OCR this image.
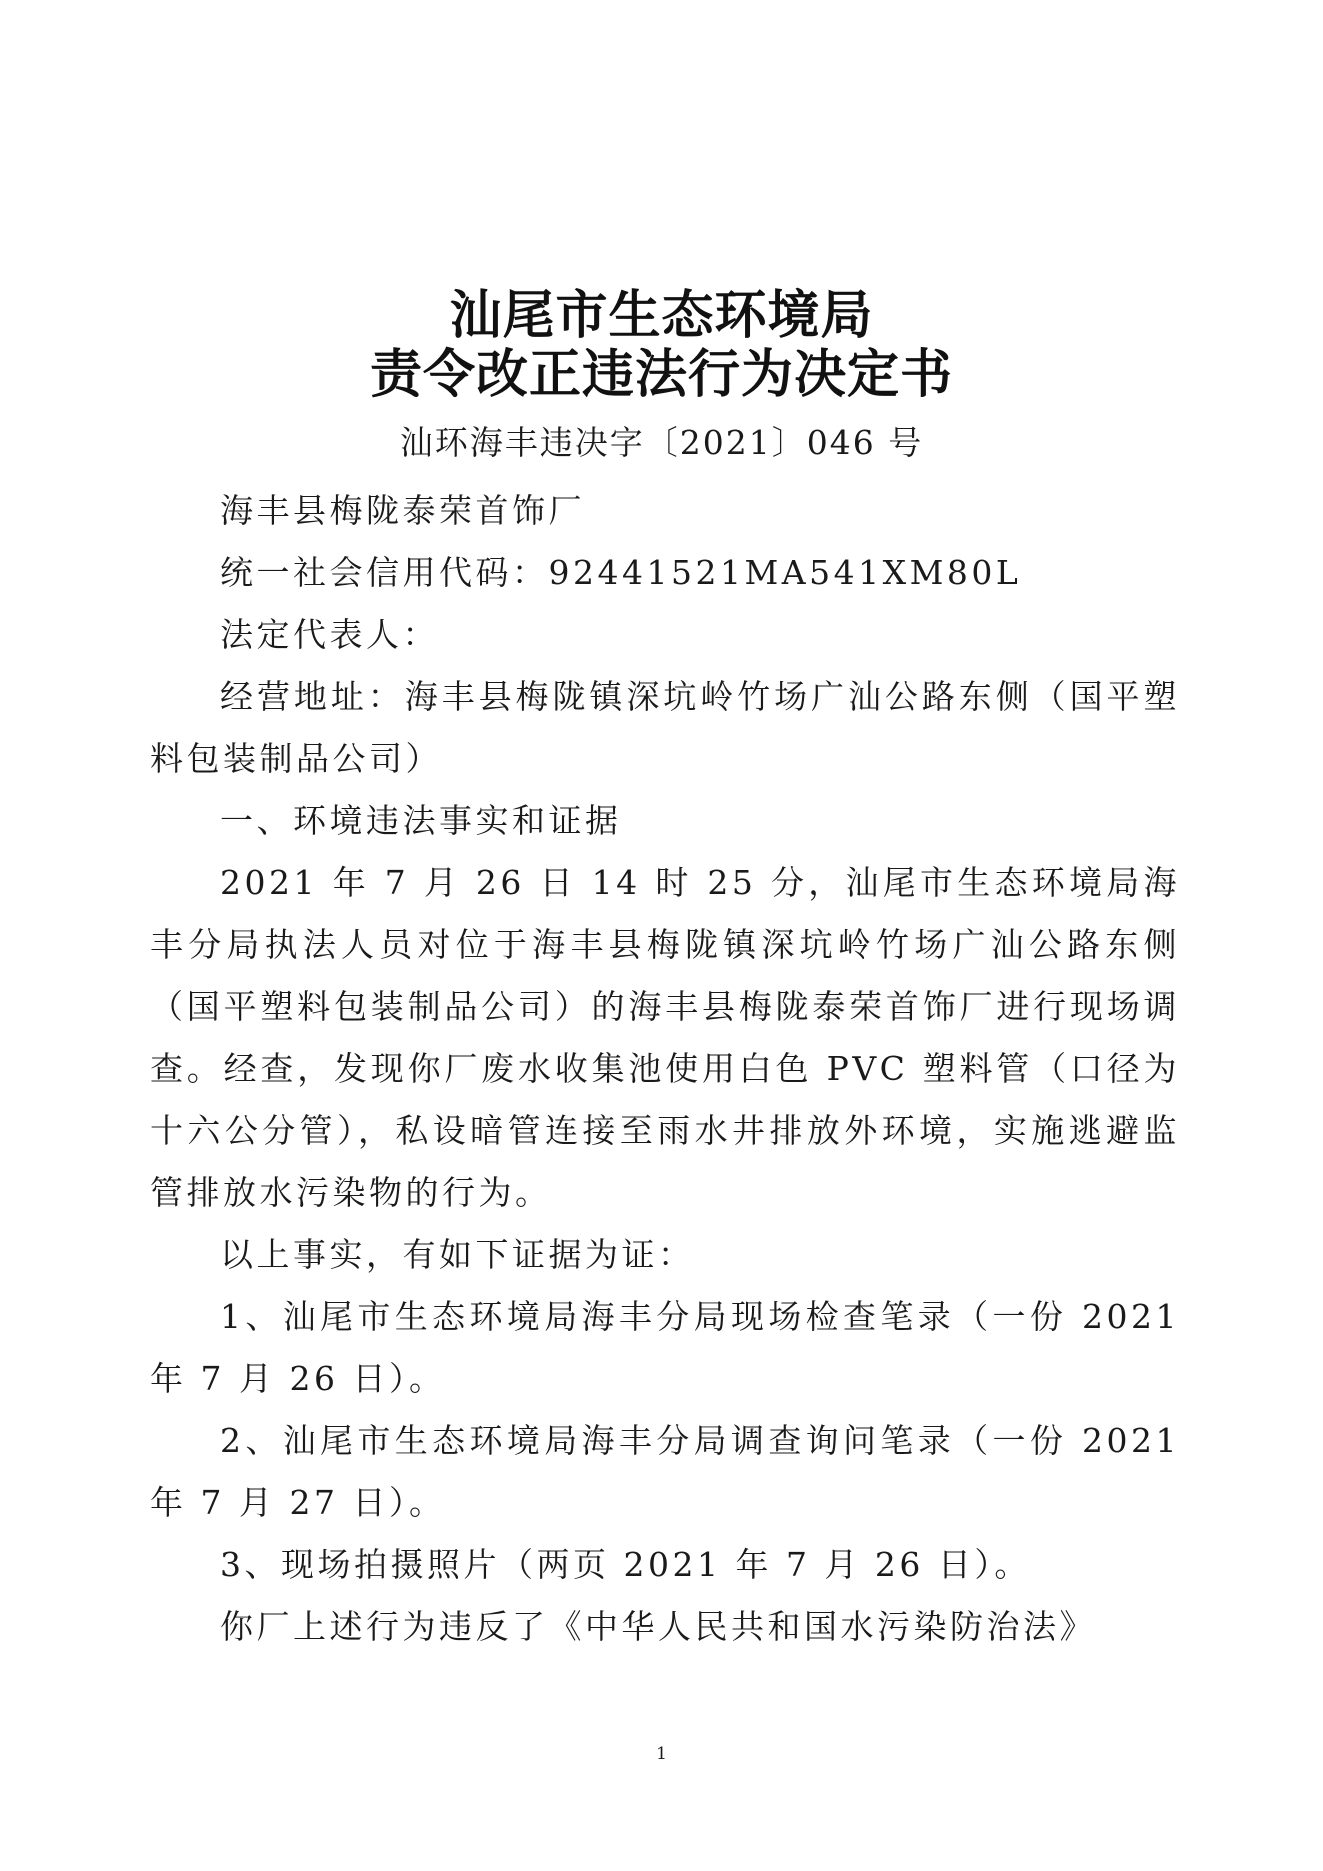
汕尾市生态环境局
责令改正违法行为决定书
汕环海丰违决字〔2021〕046 号

海丰县梅陇泰荣首饰厂

统一社会信用代码：92441521MA541XM80L

法定代表人：

经营地址：海丰县梅陇镇深坑岭竹场广汕公路东侧（国平塑料包装制品公司）

一、环境违法事实和证据

2021 年 7 月 26 日 14 时 25 分，汕尾市生态环境局海丰分局执法人员对位于海丰县梅陇镇深坑岭竹场广汕公路东侧（国平塑料包装制品公司）的海丰县梅陇泰荣首饰厂进行现场调查。经查，发现你厂废水收集池使用白色 PVC 塑料管（口径为十六公分管），私设暗管连接至雨水井排放外环境，实施逃避监管排放水污染物的行为。

以上事实，有如下证据为证：

1、汕尾市生态环境局海丰分局现场检查笔录（一份 2021 年 7 月 26 日）。

2、汕尾市生态环境局海丰分局调查询问笔录（一份 2021 年 7 月 27 日）。

3、现场拍摄照片（两页 2021 年 7 月 26 日）。

你厂上述行为违反了《中华人民共和国水污染防治法》

1
